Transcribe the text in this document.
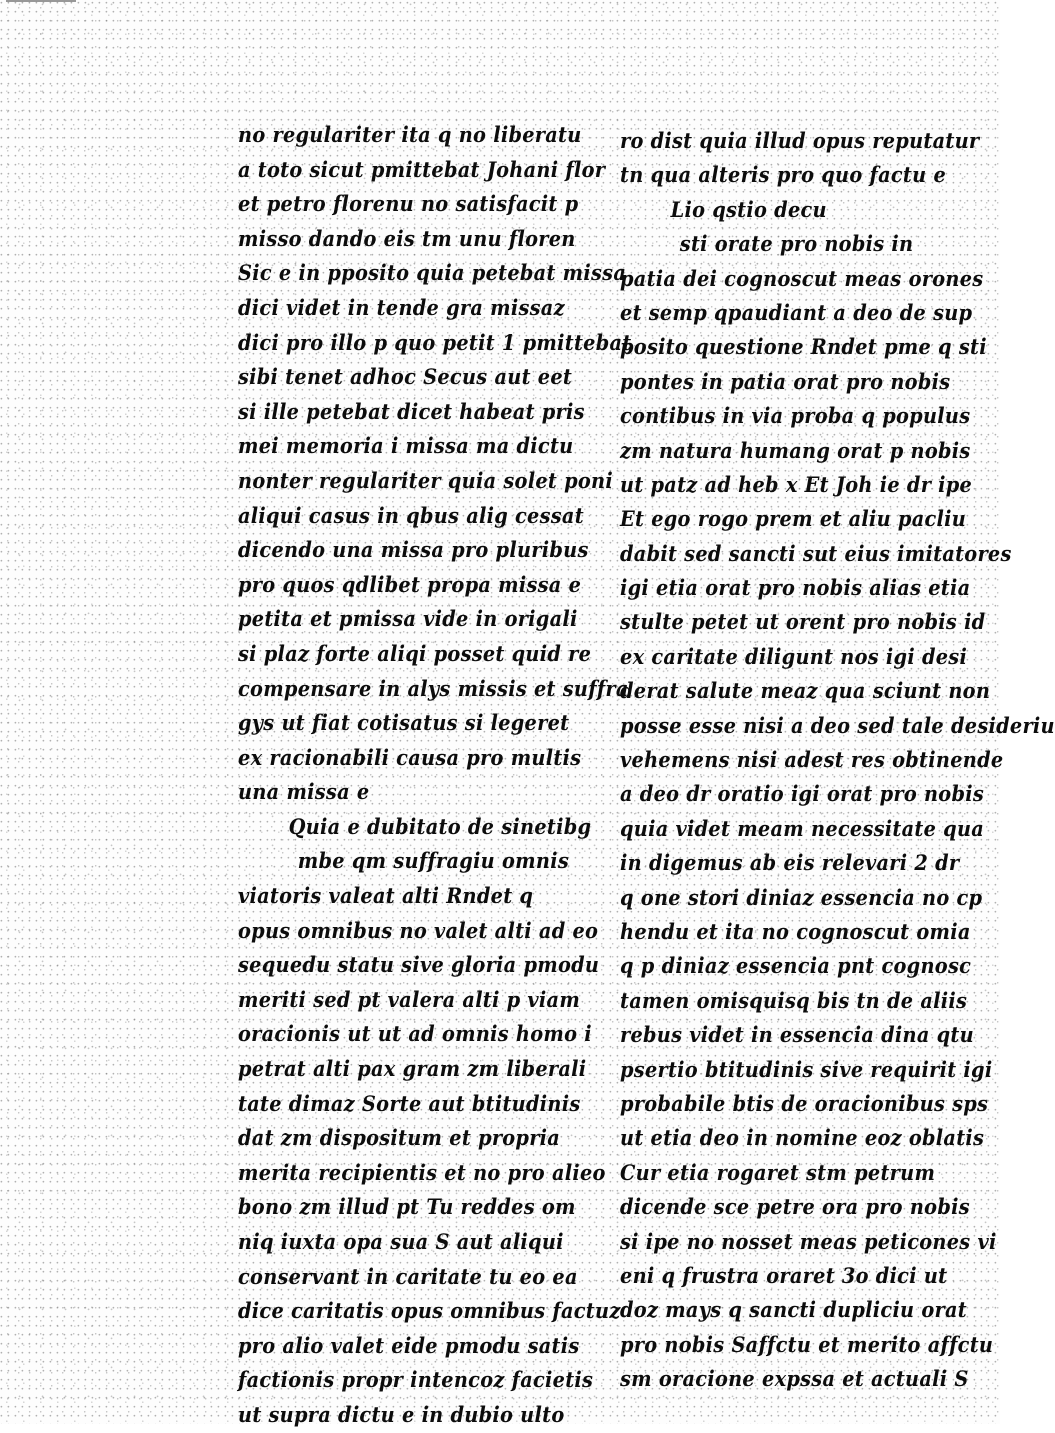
no regulariter ita q no liberatu
a toto sicut pmittebat Johani flor
et petro florenu no satisfacit p
misso dando eis tm unu floren
Sic e in pposito quia petebat missa
dici videt in tende gra missaz
dici pro illo p quo petit 1 pmittebat
sibi tenet adhoc Secus aut eet
si ille petebat dicet habeat pris
mei memoria i missa ma dictu
nonter regulariter quia solet poni
aliqui casus in qbus alig cessat
dicendo una missa pro pluribus
pro quos qdlibet propa missa e
petita et pmissa vide in origali
si plaz forte aliqi posset quid re
compensare in alys missis et suffra
gys ut fiat cotisatus si legeret
ex racionabili causa pro multis
una missa e
Quia e dubitato de sinetibg
mbe qm suffragiu omnis
viatoris valeat alti Rndet q
opus omnibus no valet alti ad eo
sequedu statu sive gloria pmodu
meriti sed pt valera alti p viam
oracionis ut ut ad omnis homo i
petrat alti pax gram zm liberali
tate dimaz Sorte aut btitudinis
dat zm dispositum et propria
merita recipientis et no pro alieo
bono zm illud pt Tu reddes om
niq iuxta opa sua S aut aliqui
conservant in caritate tu eo ea
dice caritatis opus omnibus factuz
pro alio valet eide pmodu satis
factionis propr intencoz facietis
ut supra dictu e in dubio ulto
ro dist quia illud opus reputatur
tn qua alteris pro quo factu e
Lio qstio decu
sti orate pro nobis in
patia dei cognoscut meas orones
et semp qpaudiant a deo de sup
posito questione Rndet pme q sti
pontes in patia orat pro nobis
contibus in via proba q populus
zm natura humang orat p nobis
ut patz ad heb x Et Joh ie dr ipe
Et ego rogo prem et aliu pacliu
dabit sed sancti sut eius imitatores
igi etia orat pro nobis alias etia
stulte petet ut orent pro nobis id
ex caritate diligunt nos igi desi
derat salute meaz qua sciunt non
posse esse nisi a deo sed tale desideriu
vehemens nisi adest res obtinende
a deo dr oratio igi orat pro nobis
quia videt meam necessitate qua
in digemus ab eis relevari 2 dr
q one stori diniaz essencia no cp
hendu et ita no cognoscut omia
q p diniaz essencia pnt cognosc
tamen omisquisq bis tn de aliis
rebus videt in essencia dina qtu
psertio btitudinis sive requirit igi
probabile btis de oracionibus sps
ut etia deo in nomine eoz oblatis
Cur etia rogaret stm petrum
dicende sce petre ora pro nobis
si ipe no nosset meas peticones vi
eni q frustra oraret 3o dici ut
doz mays q sancti dupliciu orat
pro nobis Saffctu et merito affctu
sm oracione expssa et actuali S
